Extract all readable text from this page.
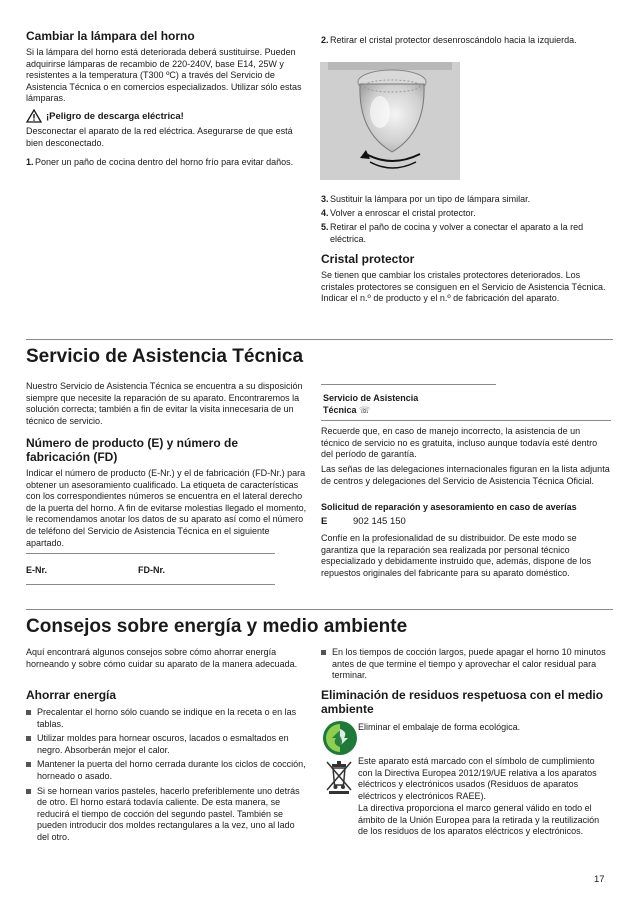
Cambiar la lámpara del horno

Si la lámpara del horno está deteriorada deberá sustituirse. Pueden adquirirse lámparas de recambio de 220-240V, base E14, 25W y resistentes a la temperatura (T300 ºC) a través del Servicio de Asistencia Técnica o en comercios especializados. Utilizar sólo estas lámparas.

¡Peligro de descarga eléctrica!

Desconectar el aparato de la red eléctrica. Asegurarse de que está bien desconectado.

1.Poner un paño de cocina dentro del horno frío para evitar daños.

2.Retirar el cristal protector desenroscándolo hacia la izquierda.

3.Sustituir la lámpara por un tipo de lámpara similar.

4.Volver a enroscar el cristal protector.

5.Retirar el paño de cocina y volver a conectar el aparato a la red eléctrica.

Cristal protector

Se tienen que cambiar los cristales protectores deteriorados. Los cristales protectores se consiguen en el Servicio de Asistencia Técnica. Indicar el n.º de producto y el n.º de fabricación del aparato.

Servicio de Asistencia Técnica

Nuestro Servicio de Asistencia Técnica se encuentra a su disposición siempre que necesite la reparación de su aparato. Encontraremos la solución correcta; también a fin de evitar la visita innecesaria de un técnico de servicio.

Número de producto (E) y número de fabricación (FD)

Indicar el número de producto (E-Nr.) y el de fabricación (FD-Nr.) para obtener un asesoramiento cualificado. La etiqueta de características con los correspondientes números se encuentra en el lateral derecho de la puerta del horno. A fin de evitarse molestias llegado el momento, le recomendamos anotar los datos de su aparato así como el número de teléfono del Servicio de Asistencia Técnica en el siguiente apartado.

E-Nr.	FD-Nr.
Servicio de Asistencia
Técnica ☏

Recuerde que, en caso de manejo incorrecto, la asistencia de un técnico de servicio no es gratuita, incluso aunque todavía esté dentro del período de garantía.

Las señas de las delegaciones internacionales figuran en la lista adjunta de centros y delegaciones del Servicio de Asistencia Técnica Oficial.

Solicitud de reparación y asesoramiento en caso de averías

E	902 145 150

Confíe en la profesionalidad de su distribuidor. De este modo se garantiza que la reparación sea realizada por personal técnico especializado y debidamente instruido que, además, dispone de los repuestos originales del fabricante para su aparato doméstico.

Consejos sobre energía y medio ambiente

Aquí encontrará algunos consejos sobre cómo ahorrar energía horneando y sobre cómo cuidar su aparato de la manera adecuada.

Ahorrar energía

Precalentar el horno sólo cuando se indique en la receta o en las tablas.

Utilizar moldes para hornear oscuros, lacados o esmaltados en negro. Absorberán mejor el calor.

Mantener la puerta del horno cerrada durante los ciclos de cocción, horneado o asado.

Si se hornean varios pasteles, hacerlo preferiblemente uno detrás de otro. El horno estará todavía caliente. De esta manera, se reducirá el tiempo de cocción del segundo pastel. También se pueden introducir dos moldes rectangulares a la vez, uno al lado del otro.

En los tiempos de cocción largos, puede apagar el horno 10 minutos antes de que termine el tiempo y aprovechar el calor residual para terminar.

Eliminación de residuos respetuosa con el medio ambiente

Eliminar el embalaje de forma ecológica.

Este aparato está marcado con el símbolo de cumplimiento con la Directiva Europea 2012/19/UE relativa a los aparatos eléctricos y electrónicos usados (Residuos de aparatos eléctricos y electrónicos RAEE).

La directiva proporciona el marco general válido en todo el ámbito de la Unión Europea para la retirada y la reutilización de los residuos de los aparatos eléctricos y electrónicos.

17
